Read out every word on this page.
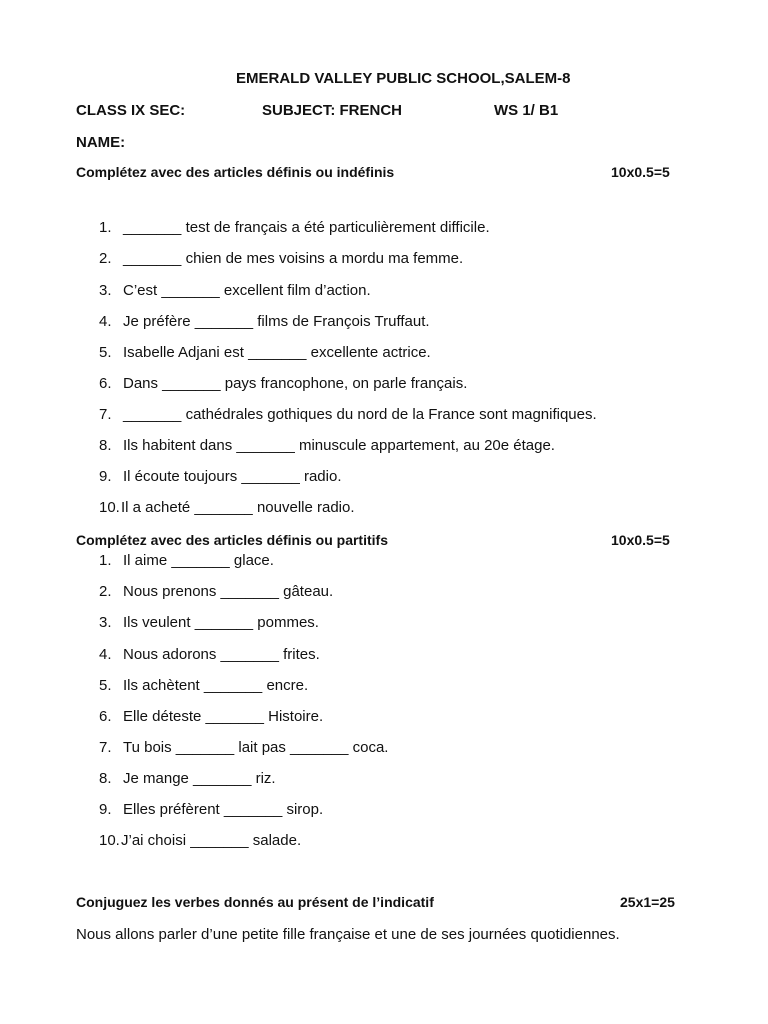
EMERALD VALLEY PUBLIC SCHOOL,SALEM-8
CLASS IX SEC:	SUBJECT: FRENCH	WS 1/ B1
NAME:
Complétez avec des articles définis ou indéfinis	10x0.5=5
1. _______ test de français a été particulièrement difficile.
2. _______ chien de mes voisins a mordu ma femme.
3. C’est _______ excellent film d’action.
4. Je préfère _______ films de François Truffaut.
5. Isabelle Adjani est _______ excellente actrice.
6. Dans _______ pays francophone, on parle français.
7. _______ cathédrales gothiques du nord de la France sont magnifiques.
8. Ils habitent dans _______ minuscule appartement, au 20e étage.
9. Il écoute toujours _______ radio.
10.Il a acheté _______ nouvelle radio.
Complétez avec des articles définis ou partitifs	10x0.5=5
1. Il aime _______ glace.
2. Nous prenons _______ gâteau.
3. Ils veulent _______ pommes.
4. Nous adorons _______ frites.
5. Ils achètent _______ encre.
6. Elle déteste _______ Histoire.
7. Tu bois _______ lait pas _______ coca.
8. Je mange _______ riz.
9. Elles préfèrent _______ sirop.
10.J’ai choisi _______ salade.
Conjuguez les verbes donnés au présent de l’indicatif	25x1=25
Nous allons parler d’une petite fille française et une de ses journées quotidiennes.
